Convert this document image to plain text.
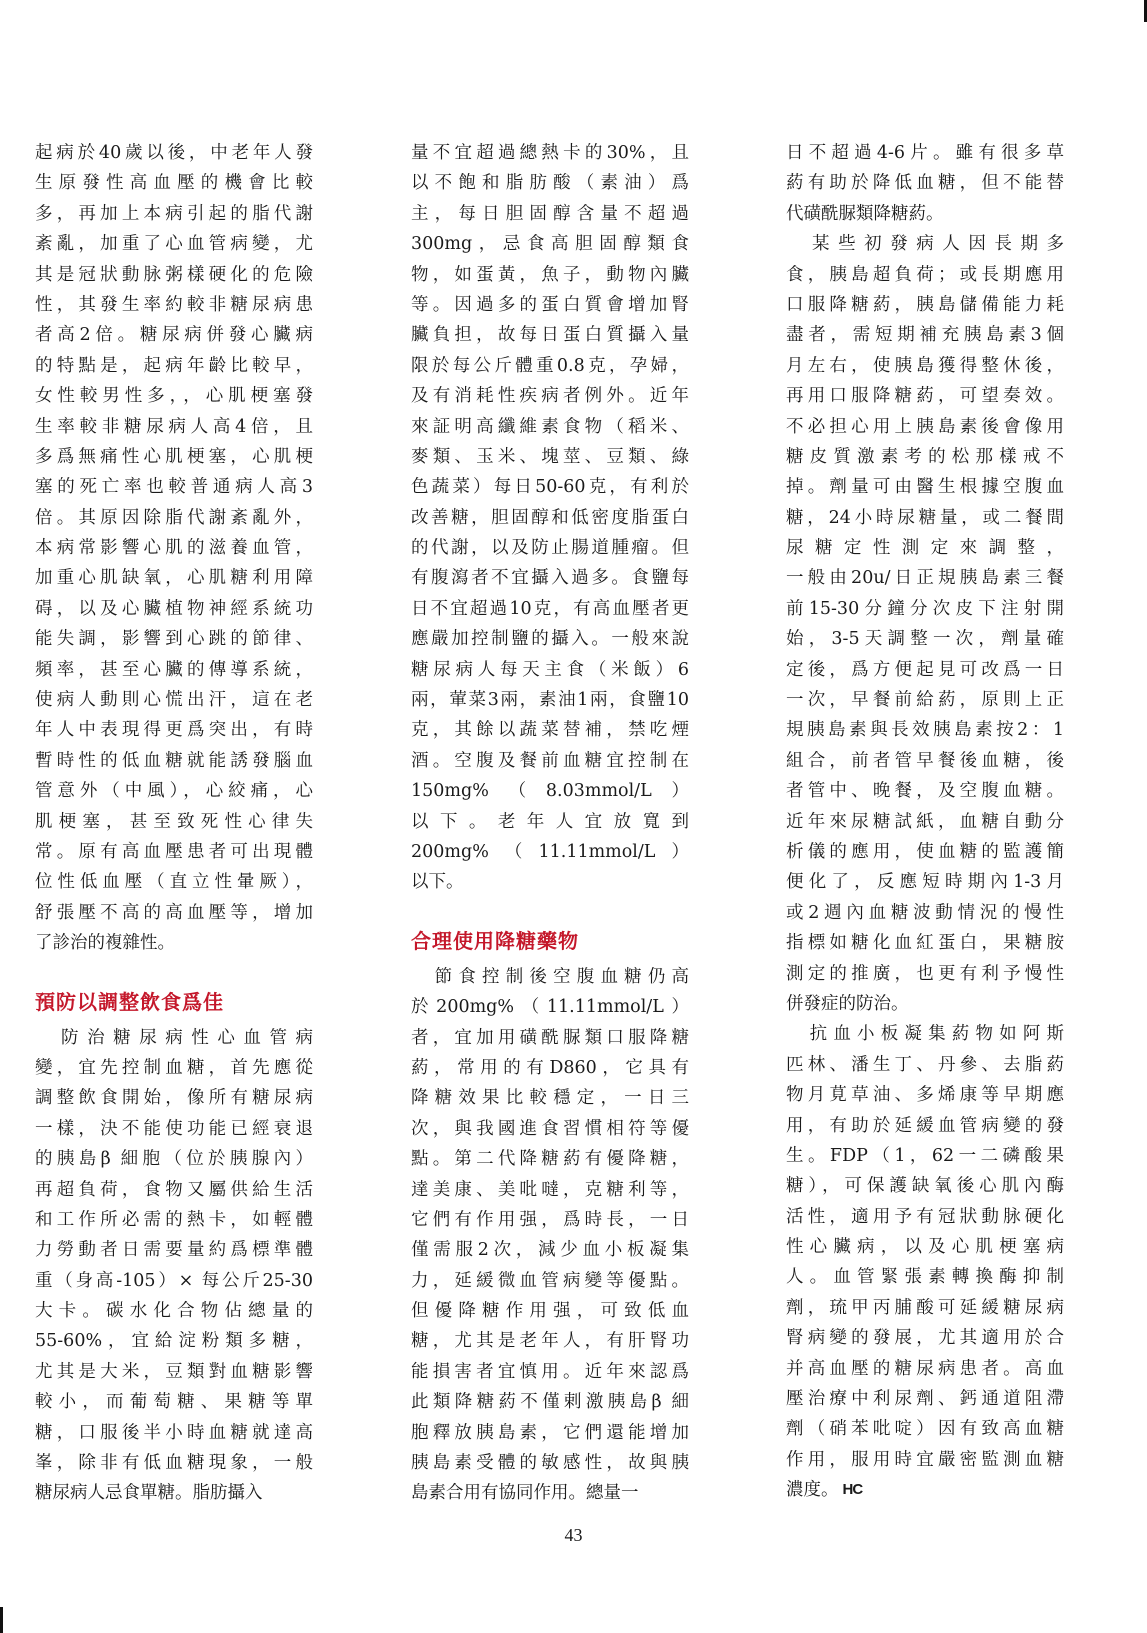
起病於40歲以後，中老年人發
生原發性高血壓的機會比較
多，再加上本病引起的脂代謝
紊亂，加重了心血管病變，尤
其是冠狀動脉粥樣硬化的危險
性，其發生率約較非糖尿病患
者高2倍。糖尿病併發心臟病
的特點是，起病年齡比較早，
女性較男性多，，心肌梗塞發
生率較非糖尿病人高4倍，且
多爲無痛性心肌梗塞，心肌梗
塞的死亡率也較普通病人高3
倍。其原因除脂代謝紊亂外，
本病常影響心肌的滋養血管，
加重心肌缺氧，心肌糖利用障
碍，以及心臟植物神經系統功
能失調，影響到心跳的節律、
頻率，甚至心臟的傳導系統，
使病人動則心慌出汗，這在老
年人中表現得更爲突出，有時
暫時性的低血糖就能誘發腦血
管意外（中風），心絞痛，心
肌梗塞，甚至致死性心律失
常。原有高血壓患者可出現體
位性低血壓（直立性暈厥），
舒張壓不高的高血壓等，增加
了診治的複雜性。
預防以調整飲食爲佳
　防治糖尿病性心血管病
變，宜先控制血糖，首先應從
調整飲食開始，像所有糖尿病
一樣，決不能使功能已經衰退
的胰島β 細胞（位於胰腺內）
再超負荷，食物又屬供給生活
和工作所必需的熱卡，如輕體
力勞動者日需要量約爲標準體
重（身高-105）× 每公斤25-30
大卡。碳水化合物佔總量的
55-60%，宜給淀粉類多糖，
尤其是大米，豆類對血糖影響
較小，而葡萄糖、果糖等單
糖，口服後半小時血糖就達高
峯，除非有低血糖現象，一般
糖尿病人忌食單糖。脂肪攝入
量不宜超過總熱卡的30%，且
以不飽和脂肪酸（素油）爲
主，每日胆固醇含量不超過
300mg，忌食高胆固醇類食
物，如蛋黃，魚子，動物內臟
等。因過多的蛋白質會增加腎
臟負担，故每日蛋白質攝入量
限於每公斤體重0.8克，孕婦，
及有消耗性疾病者例外。近年
來証明高纖維素食物（稻米、
麥類、玉米、塊莖、豆類、綠
色蔬菜）每日50-60克，有利於
改善糖，胆固醇和低密度脂蛋白
的代謝，以及防止腸道腫瘤。但
有腹瀉者不宜攝入過多。食鹽每
日不宜超過10克，有高血壓者更
應嚴加控制鹽的攝入。一般來說
糖尿病人每天主食（米飯）6
兩，葷菜3兩，素油1兩，食鹽10
克，其餘以蔬菜替補，禁吃煙
酒。空腹及餐前血糖宜控制在
150mg%（8.03mmol/L）
以下。老年人宜放寬到
200mg%（11.11mmol/L）
以下。
合理使用降糖藥物
　節食控制後空腹血糖仍高
於200mg%（11.11mmol/L）
者，宜加用磺酰脲類口服降糖
葯，常用的有D860，它具有
降糖效果比較穩定，一日三
次，與我國進食習慣相符等優
點。第二代降糖葯有優降糖，
達美康、美吡噠，克糖利等，
它們有作用强，爲時長，一日
僅需服2次，減少血小板凝集
力，延緩微血管病變等優點。
但優降糖作用强，可致低血
糖，尤其是老年人，有肝腎功
能損害者宜慎用。近年來認爲
此類降糖葯不僅剌激胰島β 細
胞釋放胰島素，它們還能增加
胰島素受體的敏感性，故與胰
島素合用有協同作用。總量一
日不超過4-6片。雖有很多草
葯有助於降低血糖，但不能替
代磺酰脲類降糖葯。
　某些初發病人因長期多
食，胰島超負荷；或長期應用
口服降糖葯，胰島儲備能力耗
盡者，需短期補充胰島素3個
月左右，使胰島獲得整休後，
再用口服降糖葯，可望奏效。
不必担心用上胰島素後會像用
糖皮質激素考的松那樣戒不
掉。劑量可由醫生根據空腹血
糖，24小時尿糖量，或二餐間
尿糖定性測定來調整，
一般由20u/日正規胰島素三餐
前15-30分鐘分次皮下注射開
始，3-5天調整一次，劑量確
定後，爲方便起見可改爲一日
一次，早餐前給葯，原則上正
規胰島素與長效胰島素按2：1
組合，前者管早餐後血糖，後
者管中、晚餐，及空腹血糖。
近年來尿糖試紙，血糖自動分
析儀的應用，使血糖的監護簡
便化了，反應短時期內1-3月
或2週內血糖波動情況的慢性
指標如糖化血紅蛋白，果糖胺
測定的推廣，也更有利予慢性
併發症的防治。
　抗血小板凝集葯物如阿斯
匹林、潘生丁、丹參、去脂葯
物月莧草油、多烯康等早期應
用，有助於延緩血管病變的發
生。FDP（1，62一二磷酸果
糖），可保護缺氧後心肌內酶
活性，適用予有冠狀動脉硬化
性心臟病，以及心肌梗塞病
人。血管緊張素轉換酶抑制
劑，琉甲丙脯酸可延緩糖尿病
腎病變的發展，尤其適用於合
并高血壓的糖尿病患者。高血
壓治療中利尿劑、鈣通道阻滯
劑（硝苯吡啶）因有致高血糖
作用，服用時宜嚴密監測血糖
濃度。 HC
43
